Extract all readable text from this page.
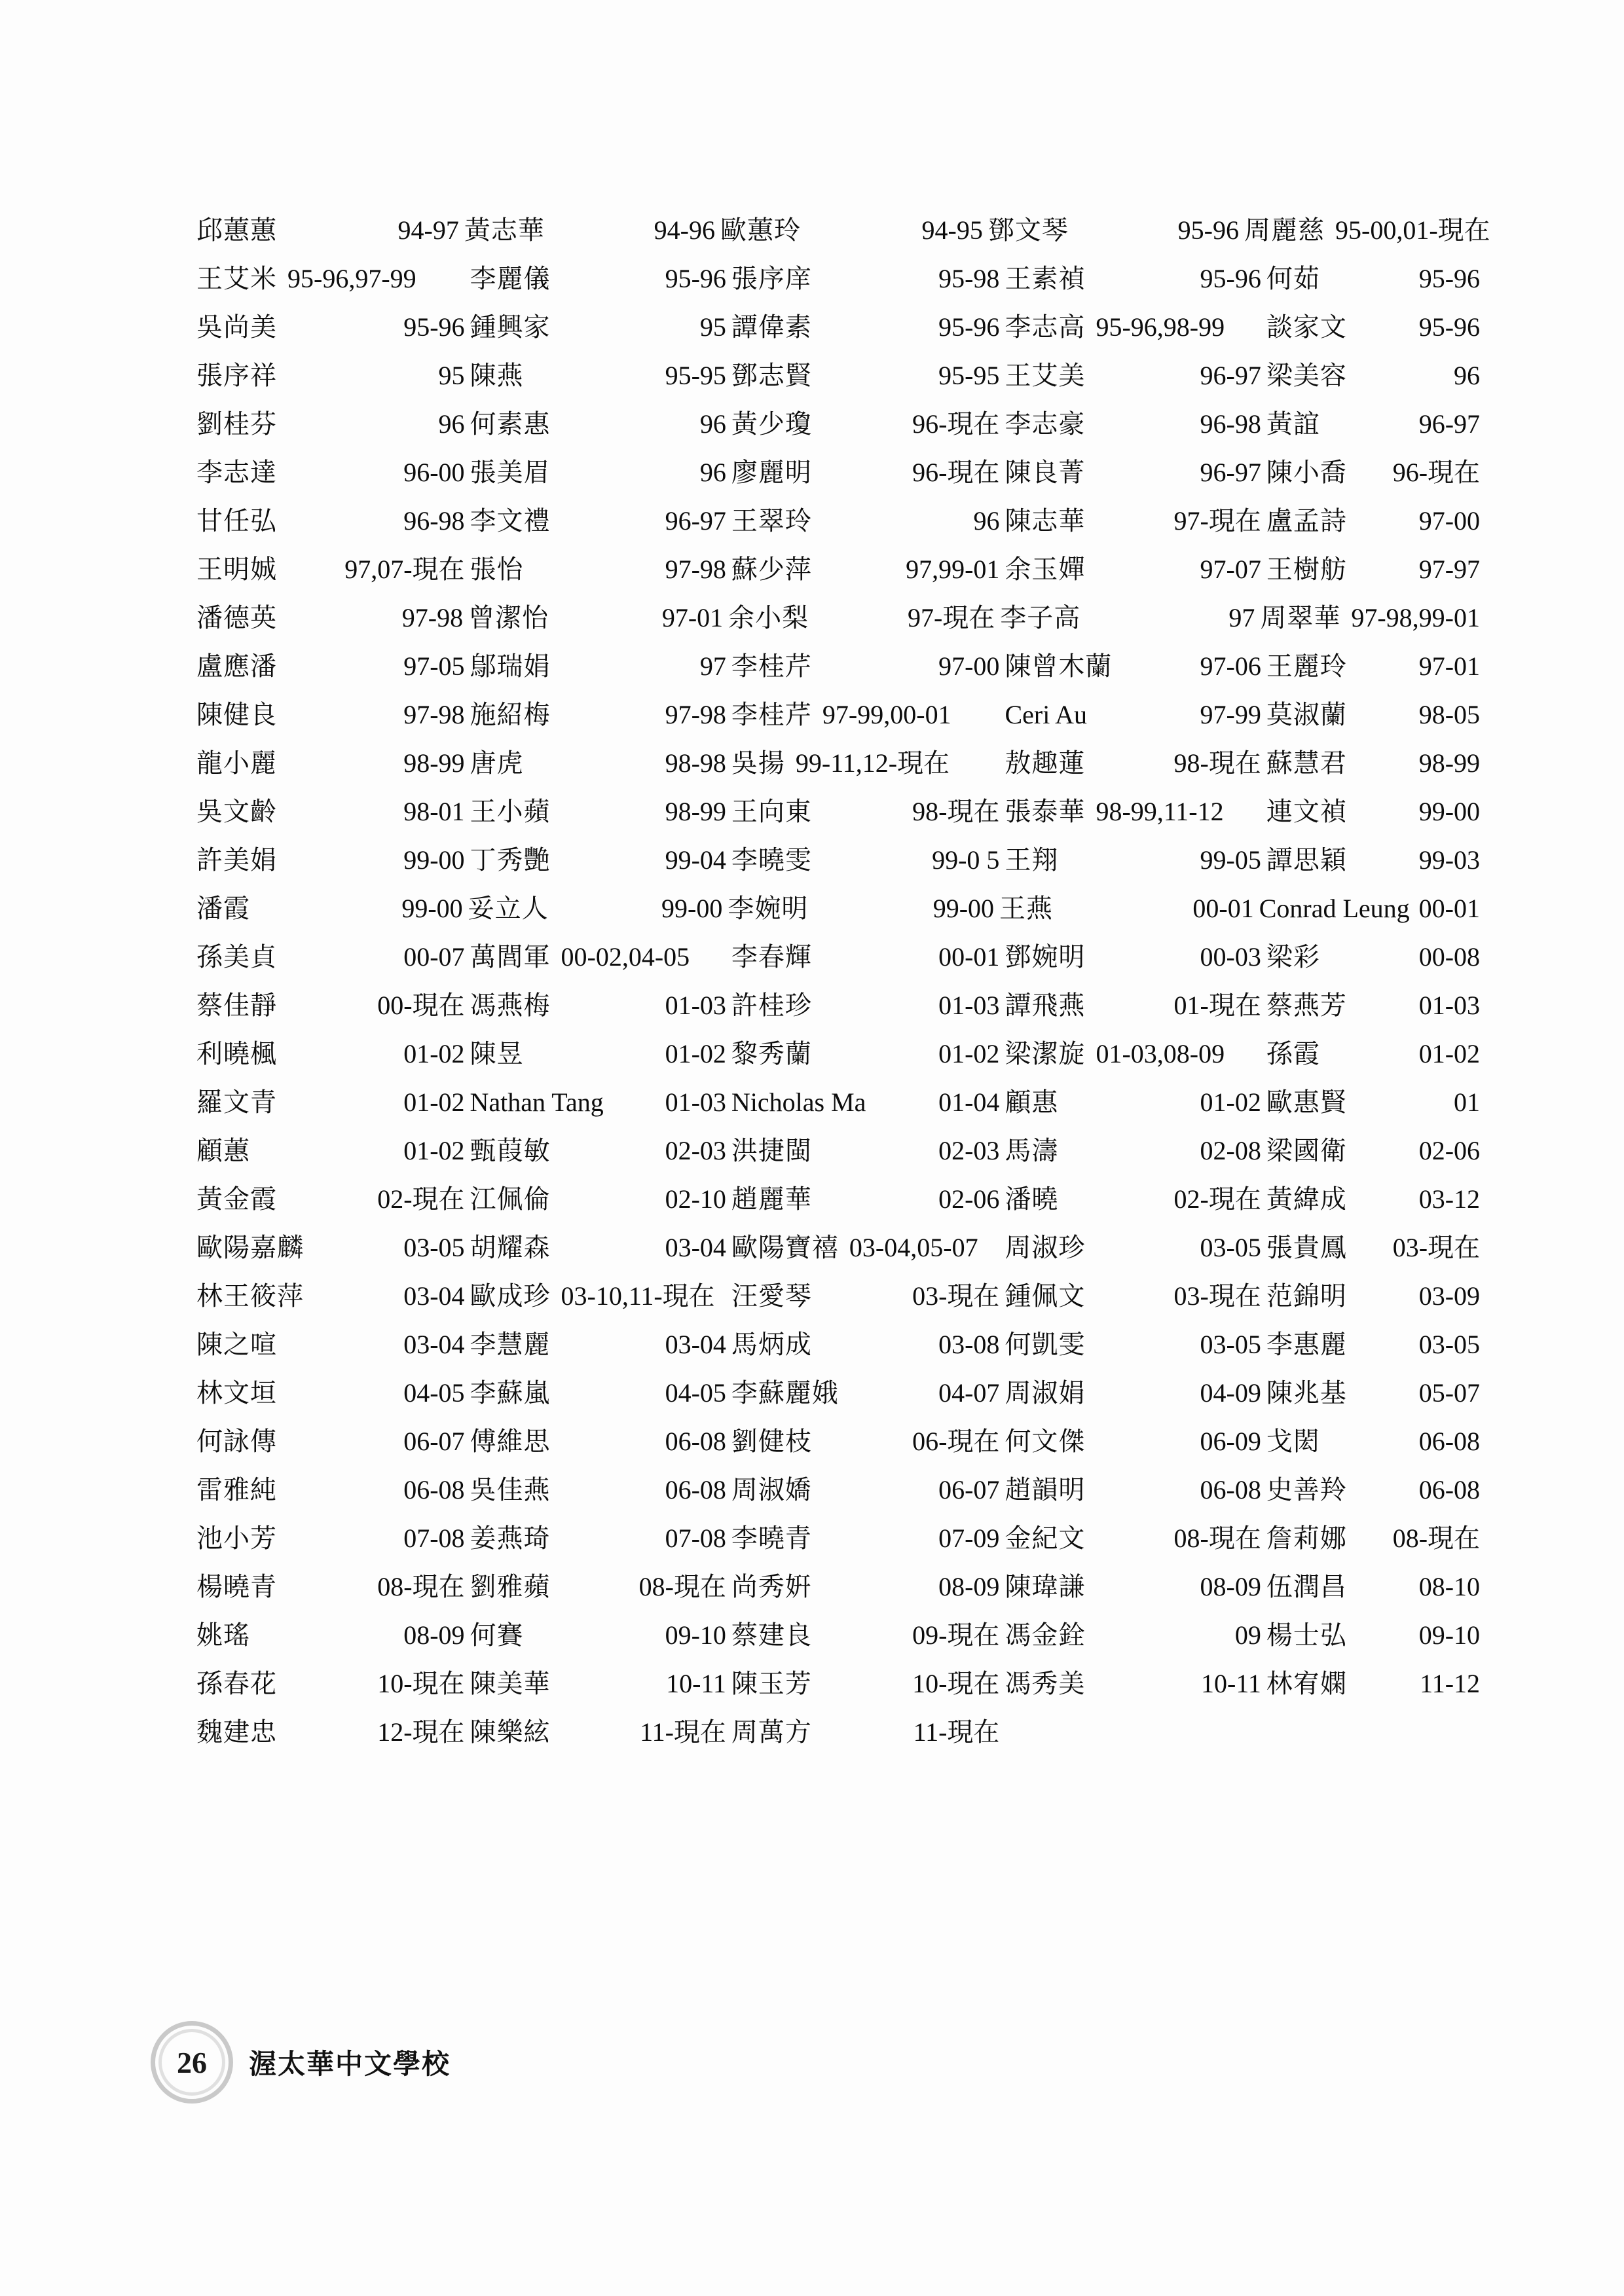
邱蕙蕙	94-97 黃志華	94-96 歐蕙玲	94-95 鄧文琴	95-96 周麗慈 95-00,01-現在
王艾米 95-96,97-99 李麗儀	95-96 張序庠	95-98 王素禎	95-96 何茹	95-96
吳尚美	95-96 鍾興家	95 譚偉素	95-96 李志高 95-96,98-99 談家文	95-96
張序祥	95 陳燕	95-95 鄧志賢	95-95 王艾美	96-97 梁美容	96
劉桂芬	96 何素惠	96 黃少瓊	96-現在 李志豪	96-98 黃誼	96-97
李志達	96-00 張美眉	96 廖麗明	96-現在 陳良菁	96-97 陳小喬	96-現在
甘任弘	96-98 李文禮	96-97 王翠玲	96 陳志華	97-現在 盧孟詩	97-00
王明娍	97,07-現在 張怡	97-98 蘇少萍	97,99-01 余玉嬋	97-07 王樹舫	97-97
潘德英	97-98 曾潔怡	97-01 余小梨	97-現在 李子高	97 周翠華 97-98,99-01
盧應潘	97-05 鄔瑞娟	97 李桂芹	97-00 陳曾木蘭	97-06 王麗玲	97-01
陳健良	97-98 施紹梅	97-98 李桂芹 97-99,00-01 Ceri Au	97-99 莫淑蘭	98-05
龍小麗	98-99 唐虎	98-98 吳揚 99-11,12-現在 敖趣蓮	98-現在 蘇慧君	98-99
吳文齡	98-01 王小蘋	98-99 王向東	98-現在 張泰華 98-99,11-12 連文禎	99-00
許美娟	99-00 丁秀艷	99-04 李曉雯	99-0 5 王翔	99-05 譚思穎	99-03
潘霞	99-00 妥立人	99-00 李婉明	99-00 王燕	00-01 Conrad Leung 00-01
孫美貞	00-07 萬閭軍 00-02,04-05 李春輝	00-01 鄧婉明	00-03 梁彩	00-08
蔡佳靜	00-現在 馮燕梅	01-03 許桂珍	01-03 譚飛燕	01-現在 蔡燕芳	01-03
利曉楓	01-02 陳昱	01-02 黎秀蘭	01-02 梁潔旋 01-03,08-09 孫霞	01-02
羅文青	01-02 Nathan Tang	01-03 Nicholas Ma	01-04 顧惠	01-02 歐惠賢	01
顧蕙	01-02 甄葭敏	02-03 洪捷閩	02-03 馬濤	02-08 梁國衛	02-06
黃金霞	02-現在 江佩倫	02-10 趙麗華	02-06 潘曉	02-現在 黃緯成	03-12
歐陽嘉麟	03-05 胡耀森	03-04 歐陽寶禧 03-04,05-07 周淑珍	03-05 張貴鳳	03-現在
林王筱萍	03-04 歐成珍 03-10,11-現在 汪愛琴	03-現在 鍾佩文	03-現在 范錦明	03-09
陳之喧	03-04 李慧麗	03-04 馬炳成	03-08 何凱雯	03-05 李惠麗	03-05
林文垣	04-05 李蘇嵐	04-05 李蘇麗娥	04-07 周淑娟	04-09 陳兆基	05-07
何詠傳	06-07 傅維思	06-08 劉健枝	06-現在 何文傑	06-09 戈閎	06-08
雷雅純	06-08 吳佳燕	06-08 周淑嬌	06-07 趙韻明	06-08 史善羚	06-08
池小芳	07-08 姜燕琦	07-08 李曉青	07-09 金紀文	08-現在 詹莉娜	08-現在
楊曉青	08-現在 劉雅蘋	08-現在 尚秀姸	08-09 陳瑋謙	08-09 伍潤昌	08-10
姚瑤	08-09 何賽	09-10 蔡建良	09-現在 馮金銓	09 楊士弘	09-10
孫春花	10-現在 陳美華	10-11 陳玉芳	10-現在 馮秀美	10-11 林宥嫻	11-12
魏建忠	12-現在 陳樂絃	11-現在 周萬方	11-現在
26	渥太華中文學校
